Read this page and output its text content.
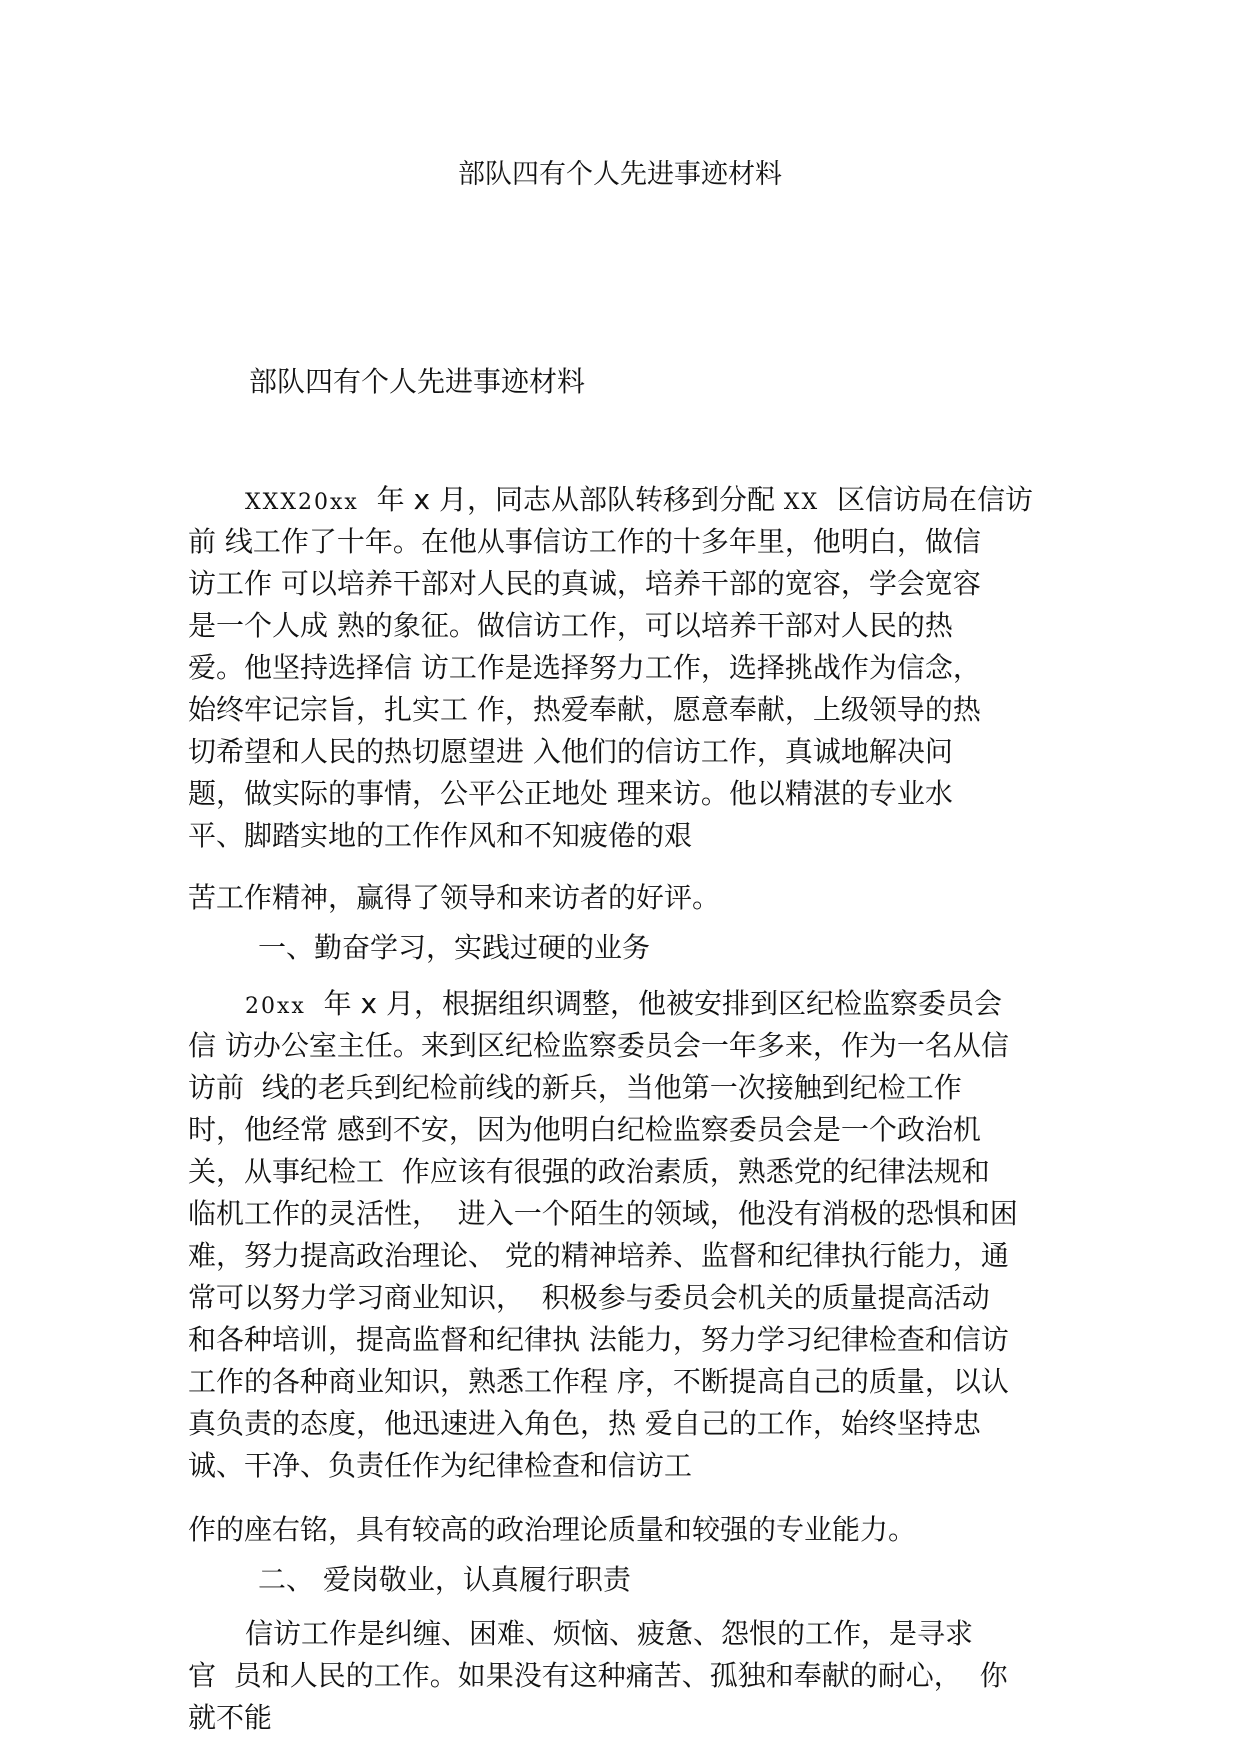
部队四有个人先进事迹材料
部队四有个人先进事迹材料
XXX20xx 年 x 月，同志从部队转移到分配 XX 区信访局在信访
前 线工作了十年。在他从事信访工作的十多年里，他明白，做信
访工作 可以培养干部对人民的真诚，培养干部的宽容，学会宽容
是一个人成 熟的象征。做信访工作，可以培养干部对人民的热
爱。他坚持选择信 访工作是选择努力工作，选择挑战作为信念，
始终牢记宗旨，扎实工 作，热爱奉献，愿意奉献，上级领导的热
切希望和人民的热切愿望进 入他们的信访工作，真诚地解决问
题，做实际的事情，公平公正地处 理来访。他以精湛的专业水
平、脚踏实地的工作作风和不知疲倦的艰
苦工作精神，赢得了领导和来访者的好评。
一、勤奋学习，实践过硬的业务
20xx 年 x 月，根据组织调整，他被安排到区纪检监察委员会
信 访办公室主任。来到区纪检监察委员会一年多来，作为一名从信
访前  线的老兵到纪检前线的新兵，当他第一次接触到纪检工作
时，他经常 感到不安，因为他明白纪检监察委员会是一个政治机
关，从事纪检工  作应该有很强的政治素质，熟悉党的纪律法规和
临机工作的灵活性，  进入一个陌生的领域，他没有消极的恐惧和困
难，努力提高政治理论、 党的精神培养、监督和纪律执行能力，通
常可以努力学习商业知识，  积极参与委员会机关的质量提高活动
和各种培训，提高监督和纪律执 法能力，努力学习纪律检查和信访
工作的各种商业知识，熟悉工作程 序，不断提高自己的质量，以认
真负责的态度，他迅速进入角色，热 爱自己的工作，始终坚持忠
诚、干净、负责任作为纪律检查和信访工
作的座右铭，具有较高的政治理论质量和较强的专业能力。
二、 爱岗敬业，认真履行职责
信访工作是纠缠、困难、烦恼、疲惫、怨恨的工作，是寻求
官  员和人民的工作。如果没有这种痛苦、孤独和奉献的耐心，  你
就不能
